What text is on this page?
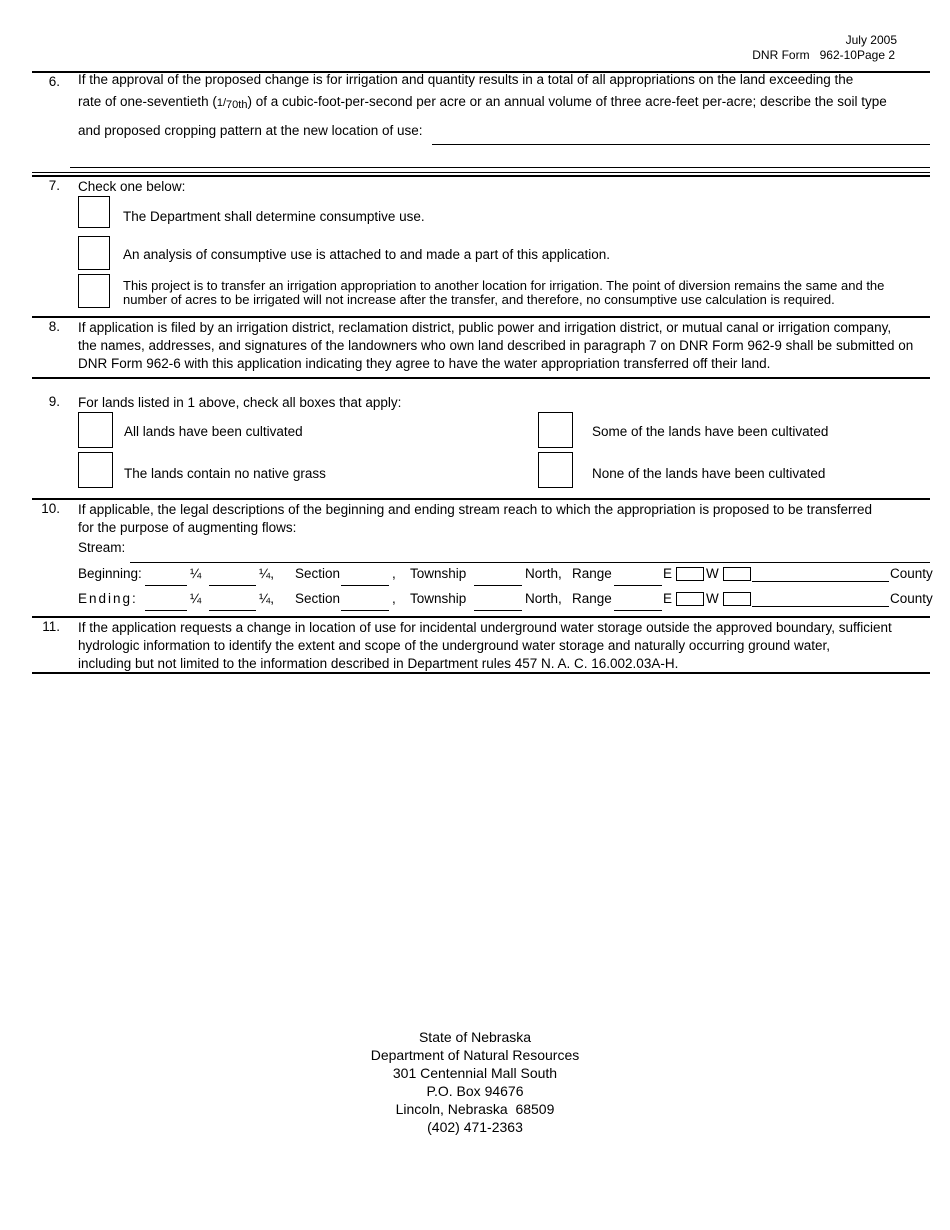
July 2005
DNR Form   962-10Page 2
6. If the approval of the proposed change is for irrigation and quantity results in a total of all appropriations on the land exceeding the
rate of one-seventieth (1/70th) of a cubic-foot-per-second per acre or an annual volume of three acre-feet per-acre; describe the soil type
and proposed cropping pattern at the new location of use:
7. Check one below:
The Department shall determine consumptive use.
An analysis of consumptive use is attached to and made a part of this application.
This project is to transfer an irrigation appropriation to another location for irrigation. The point of diversion remains the same and the
number of acres to be irrigated will not increase after the transfer, and therefore, no consumptive use calculation is required.
8. If application is filed by an irrigation district, reclamation district, public power and irrigation district, or mutual canal or irrigation company,
the names, addresses, and signatures of the landowners who own land described in paragraph 7 on DNR Form 962-9 shall be submitted on
DNR Form 962-6 with this application indicating they agree to have the water appropriation transferred off their land.
9. For lands listed in 1 above, check all boxes that apply:
All lands have been cultivated	Some of the lands have been cultivated
The lands contain no native grass	None of the lands have been cultivated
10. If applicable, the legal descriptions of the beginning and ending stream reach to which the appropriation is proposed to be transferred
for the purpose of augmenting flows:
Stream:
Beginning:	¼	¼, Section	, Township	North, Range	E	W	County
Ending:	¼	¼, Section	, Township	North, Range	E	W	County
11. If the application requests a change in location of use for incidental underground water storage outside the approved boundary, sufficient
hydrologic information to identify the extent and scope of the underground water storage and naturally occurring ground water,
including but not limited to the information described in Department rules 457 N. A. C. 16.002.03A-H.
State of Nebraska
Department of Natural Resources
301 Centennial Mall South
P.O. Box 94676
Lincoln, Nebraska  68509
(402) 471-2363
